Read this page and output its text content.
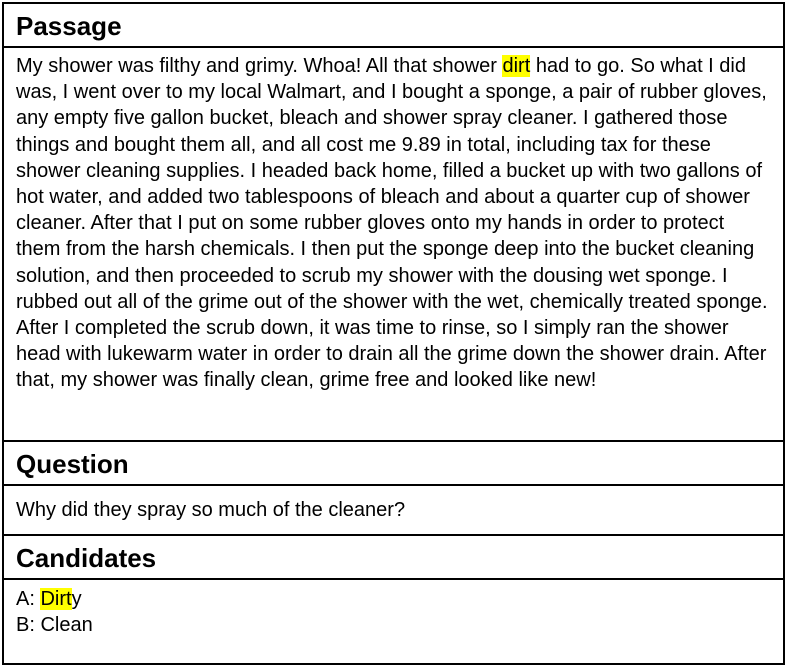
Passage
My shower was filthy and grimy. Whoa! All that shower dirt had to go. So what I did was, I went over to my local Walmart, and I bought a sponge, a pair of rubber gloves, any empty five gallon bucket, bleach and shower spray cleaner. I gathered those things and bought them all, and all cost me 9.89 in total, including tax for these shower cleaning supplies. I headed back home, filled a bucket up with two gallons of hot water, and added two tablespoons of bleach and about a quarter cup of shower cleaner. After that I put on some rubber gloves onto my hands in order to protect them from the harsh chemicals. I then put the sponge deep into the bucket cleaning solution, and then proceeded to scrub my shower with the dousing wet sponge. I rubbed out all of the grime out of the shower with the wet, chemically treated sponge. After I completed the scrub down, it was time to rinse, so I simply ran the shower head with lukewarm water in order to drain all the grime down the shower drain. After that, my shower was finally clean, grime free and looked like new!
Question
Why did they spray so much of the cleaner?
Candidates
A: Dirty
B: Clean
